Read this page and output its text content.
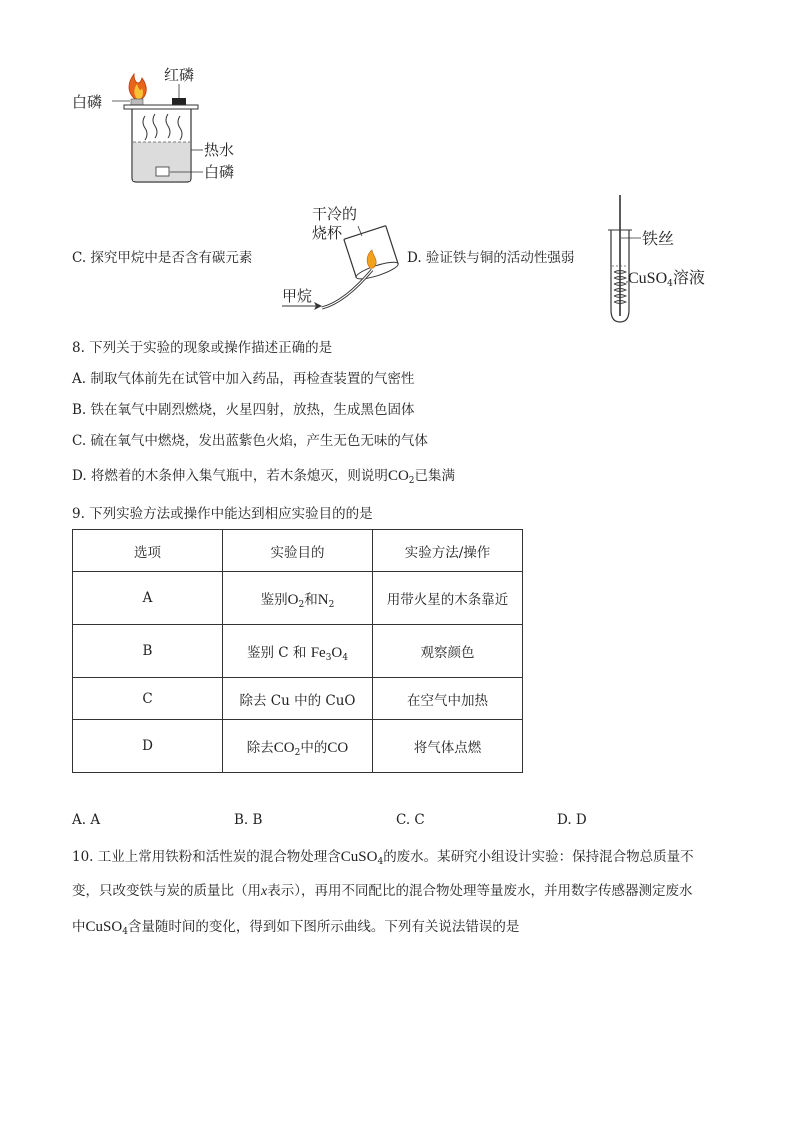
白磷
红磷
热水
白磷
C. 探究甲烷中是否含有碳元素
干冷的
烧杯
甲烷
D. 验证铁与铜的活动性强弱
铁丝
CuSO$_4$溶液
8. 下列关于实验的现象或操作描述正确的是
A. 制取气体前先在试管中加入药品，再检查装置的气密性
B. 铁在氧气中剧烈燃烧，火星四射，放热，生成黑色固体
C. 硫在氧气中燃烧，发出蓝紫色火焰，产生无色无味的气体
D. 将燃着的木条伸入集气瓶中，若木条熄灭，则说明$CO_2$已集满
9. 下列实验方法或操作中能达到相应实验目的的是
选项	实验目的	实验方法/操作
A	鉴别$O_2$和$N_2$	用带火星的木条靠近
B	鉴别 C 和 $Fe_3O_4$	观察颜色
C	除去 Cu 中的 CuO	在空气中加热
D	除去$CO_2$中的CO	将气体点燃
A. A	B. B	C. C	D. D
10. 工业上常用铁粉和活性炭的混合物处理含CuSO$_4$的废水。某研究小组设计实验：保持混合物总质量不
变，只改变铁与炭的质量比（用x表示），再用不同配比的混合物处理等量废水，并用数字传感器测定废水
中CuSO$_4$含量随时间的变化，得到如下图所示曲线。下列有关说法错误的是
